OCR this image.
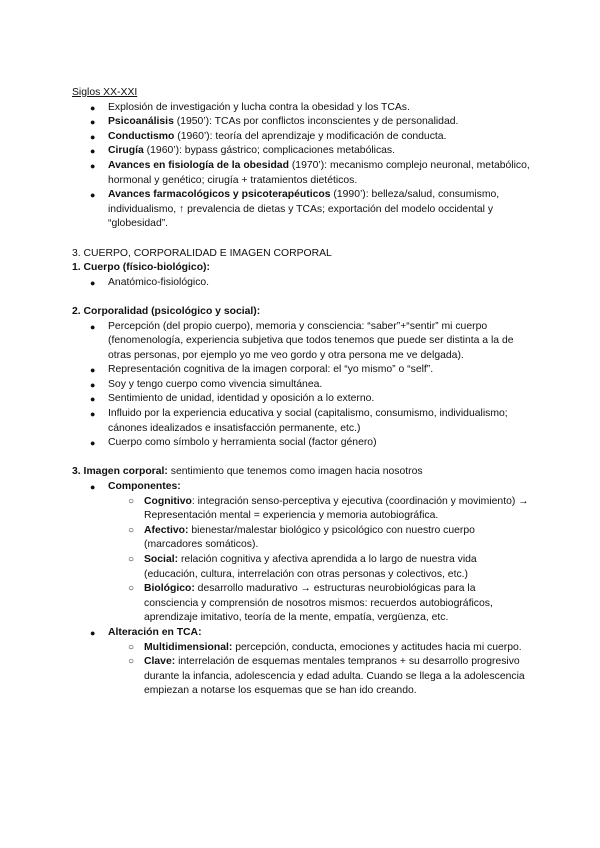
Siglos XX-XXI
● Explosión de investigación y lucha contra la obesidad y los TCAs.
● Psicoanálisis (1950’): TCAs por conflictos inconscientes y de personalidad.
● Conductismo (1960’): teoría del aprendizaje y modificación de conducta.
● Cirugía (1960’): bypass gástrico; complicaciones metabólicas.
● Avances en fisiología de la obesidad (1970’): mecanismo complejo neuronal, metabólico, hormonal y genético; cirugía + tratamientos dietéticos.
● Avances farmacológicos y psicoterapéuticos (1990’): belleza/salud, consumismo, individualismo, ↑ prevalencia de dietas y TCAs; exportación del modelo occidental y “globesidad”.
3. CUERPO, CORPORALIDAD E IMAGEN CORPORAL
1. Cuerpo (físico-biológico):
● Anatómico-fisiológico.
2. Corporalidad (psicológico y social):
● Percepción (del propio cuerpo), memoria y consciencia: “saber”+“sentir” mi cuerpo (fenomenología, experiencia subjetiva que todos tenemos que puede ser distinta a la de otras personas, por ejemplo yo me veo gordo y otra persona me ve delgada).
● Representación cognitiva de la imagen corporal: el “yo mismo” o “self”.
● Soy y tengo cuerpo como vivencia simultánea.
● Sentimiento de unidad, identidad y oposición a lo externo.
● Influido por la experiencia educativa y social (capitalismo, consumismo, individualismo; cánones idealizados e insatisfacción permanente, etc.)
● Cuerpo como símbolo y herramienta social (factor género)
3. Imagen corporal: sentimiento que tenemos como imagen hacia nosotros
● Componentes:
○ Cognitivo: integración senso-perceptiva y ejecutiva (coordinación y movimiento) → Representación mental = experiencia y memoria autobiográfica.
○ Afectivo: bienestar/malestar biológico y psicológico con nuestro cuerpo (marcadores somáticos).
○ Social: relación cognitiva y afectiva aprendida a lo largo de nuestra vida (educación, cultura, interrelación con otras personas y colectivos, etc.)
○ Biológico: desarrollo madurativo → estructuras neurobiológicas para la consciencia y comprensión de nosotros mismos: recuerdos autobiográficos, aprendizaje imitativo, teoría de la mente, empatía, vergüenza, etc.
● Alteración en TCA:
○ Multidimensional: percepción, conducta, emociones y actitudes hacia mi cuerpo.
○ Clave: interrelación de esquemas mentales tempranos + su desarrollo progresivo durante la infancia, adolescencia y edad adulta. Cuando se llega a la adolescencia empiezan a notarse los esquemas que se han ido creando.
